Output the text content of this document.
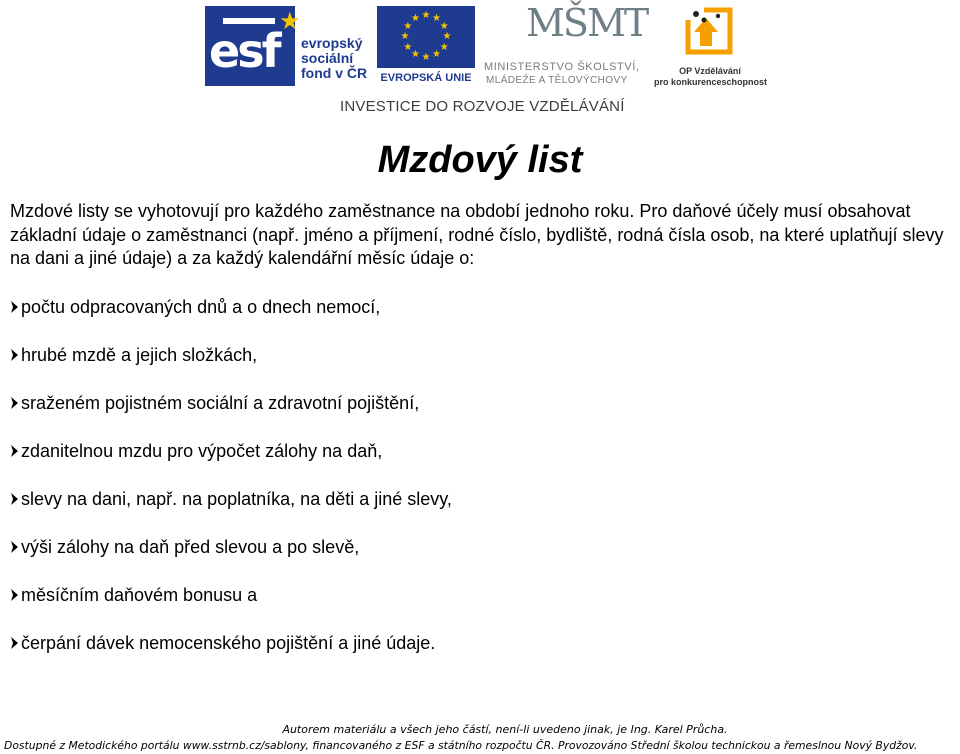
esf
★
evropský
sociální
fond v ČR
★ ★
★
★
★
★
★
★
★
★
★
★
EVROPSKÁ UNIE
MŠMT
MINISTERSTVO ŠKOLSTVÍ,
MLÁDEŽE A TĚLOVÝCHOVY
OP Vzdělávání
pro konkurenceschopnost
INVESTICE DO ROZVOJE VZDĚLÁVÁNÍ
Mzdový list

Mzdové listy se vyhotovují pro každého zaměstnance na období jednoho roku. Pro daňové účely musí obsahovat základní údaje o zaměstnanci (např. jméno a příjmení, rodné číslo, bydliště, rodná čísla osob, na které uplatňují slevy na dani a jiné údaje) a za každý kalendářní měsíc údaje o:

počtu odpracovaných dnů a o dnech nemocí,
hrubé mzdě a jejich složkách,
sraženém pojistném sociální a zdravotní pojištění,
zdanitelnou mzdu pro výpočet zálohy na daň,
slevy na dani, např. na poplatníka, na děti a jiné slevy,
výši zálohy na daň před slevou a po slevě,
měsíčním daňovém bonusu a
čerpání dávek nemocenského pojištění a jiné údaje.
Autorem materiálu a všech jeho částí, není-li uvedeno jinak, je Ing. Karel Průcha.
Dostupné z Metodického portálu www.sstrnb.cz/sablony, financovaného z ESF a státního rozpočtu ČR. Provozováno Střední školou technickou a řemeslnou Nový Bydžov.
